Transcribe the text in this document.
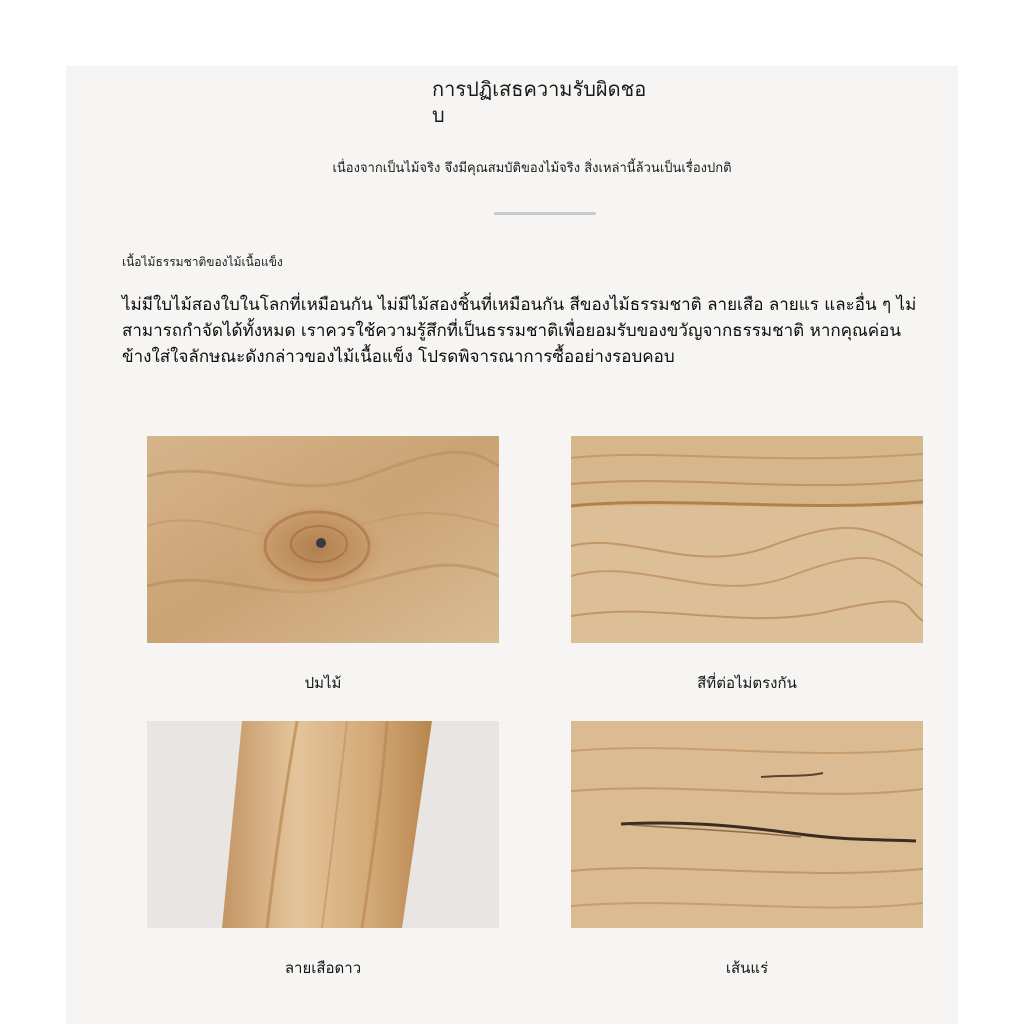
การปฏิเสธความรับผิดชอบ
เนื่องจากเป็นไม้จริง จึงมีคุณสมบัติของไม้จริง สิ่งเหล่านี้ล้วนเป็นเรื่องปกติ
เนื้อไม้ธรรมชาติของไม้เนื้อแข็ง
ไม่มีใบไม้สองใบในโลกที่เหมือนกัน ไม่มีไม้สองชิ้นที่เหมือนกัน สีของไม้ธรรมชาติ ลายเสือ ลายแร และอื่น ๆ ไม่สามารถกำจัดได้ทั้งหมด เราควรใช้ความรู้สึกที่เป็นธรรมชาติเพื่อยอมรับของขวัญจากธรรมชาติ หากคุณค่อนข้างใส่ใจลักษณะดังกล่าวของไม้เนื้อแข็ง โปรดพิจารณาการซื้ออย่างรอบคอบ
ปมไม้	สีที่ต่อไม่ตรงกัน
ลายเสือดาว	เส้นแร่
